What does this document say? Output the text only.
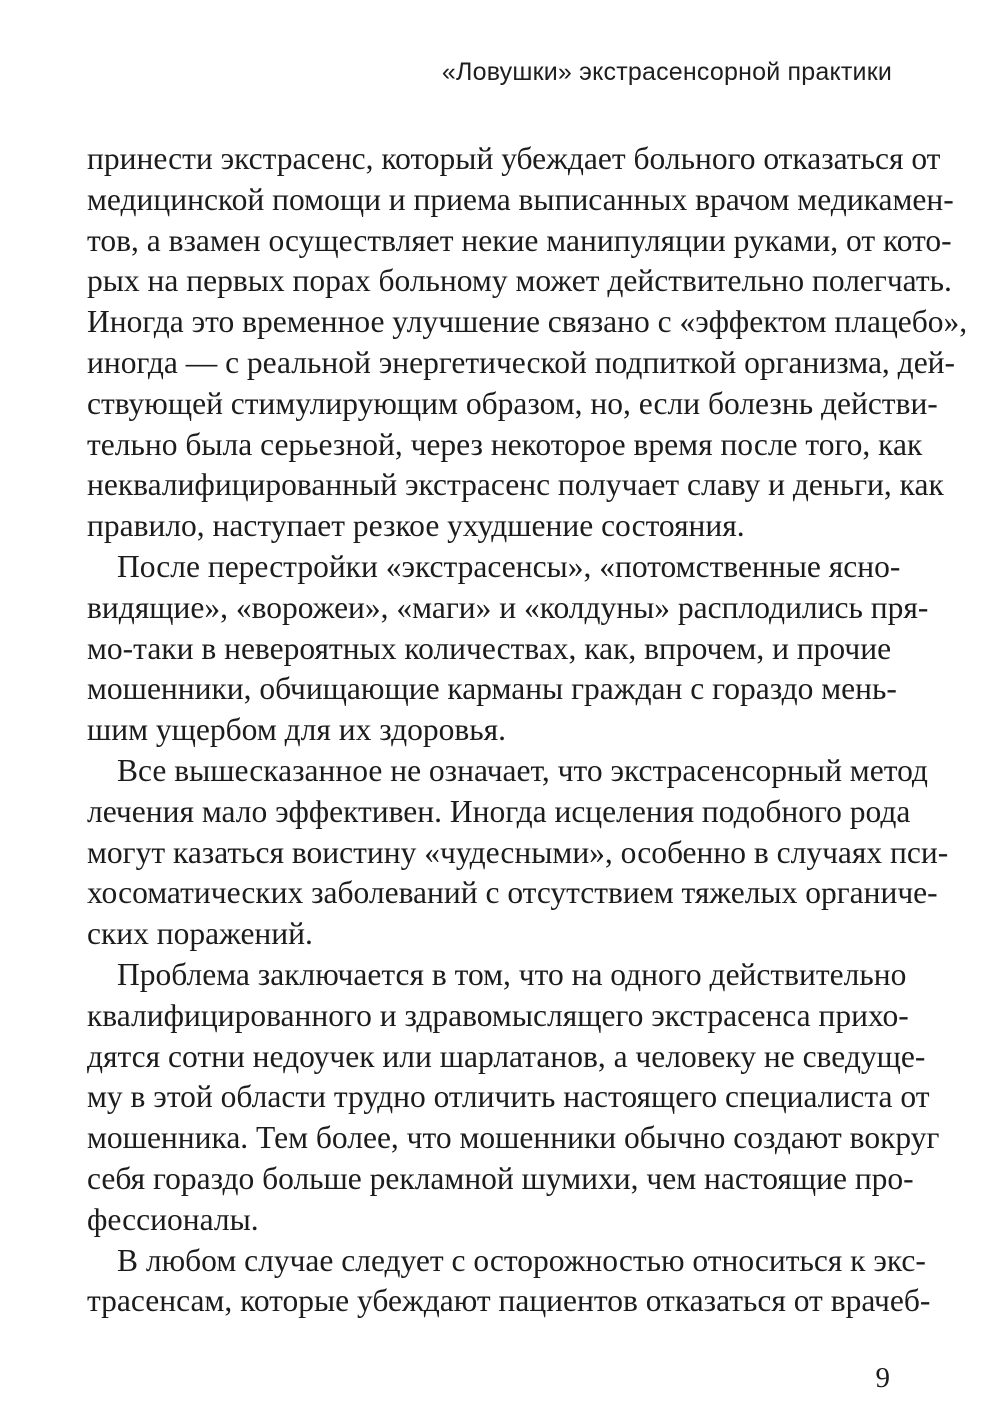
«Ловушки» экстрасенсорной практики

принести экстрасенс, который убеждает больного отказаться от
медицинской помощи и приема выписанных врачом медикамен-
тов, а взамен осуществляет некие манипуляции руками, от кото-
рых на первых порах больному может действительно полегчать.
Иногда это временное улучшение связано с «эффектом плацебо»,
иногда — с реальной энергетической подпиткой организма, дей-
ствующей стимулирующим образом, но, если болезнь действи-
тельно была серьезной, через некоторое время после того, как
неквалифицированный экстрасенс получает славу и деньги, как
правило, наступает резкое ухудшение состояния.

После перестройки «экстрасенсы», «потомственные ясно-
видящие», «ворожеи», «маги» и «колдуны» расплодились пря-
мо-таки в невероятных количествах, как, впрочем, и прочие
мошенники, обчищающие карманы граждан с гораздо мень-
шим ущербом для их здоровья.

Все вышесказанное не означает, что экстрасенсорный метод
лечения мало эффективен. Иногда исцеления подобного рода
могут казаться воистину «чудесными», особенно в случаях пси-
хосоматических заболеваний с отсутствием тяжелых органиче-
ских поражений.

Проблема заключается в том, что на одного действительно
квалифицированного и здравомыслящего экстрасенса прихо-
дятся сотни недоучек или шарлатанов, а человеку не сведуще-
му в этой области трудно отличить настоящего специалиста от
мошенника. Тем более, что мошенники обычно создают вокруг
себя гораздо больше рекламной шумихи, чем настоящие про-
фессионалы.

В любом случае следует с осторожностью относиться к экс-
трасенсам, которые убеждают пациентов отказаться от врачеб-

9
